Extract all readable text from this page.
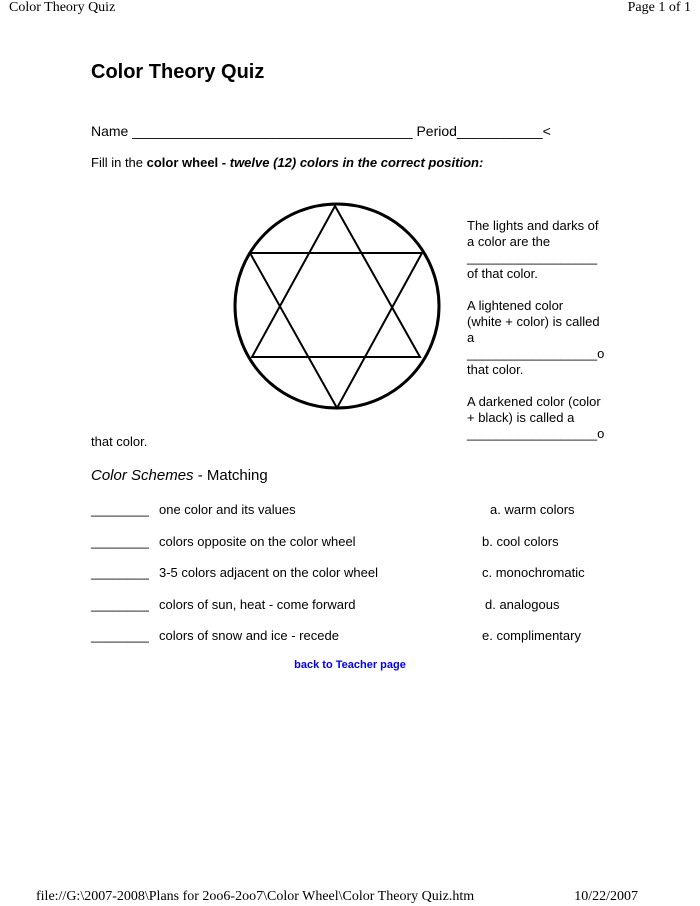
Color Theory Quiz	Page 1 of 1
Color Theory Quiz
Name ____________________________________ Period___________<
Fill in the color wheel - twelve (12) colors in the correct position:

The lights and darks of
a color are the
__________________
of that color.

A lightened color
(white + color) is called
a
__________________o
that color.

A darkened color (color
+ black) is called a
__________________o

that color.
Color Schemes - Matching
________ one color and its values	a. warm colors
________ colors opposite on the color wheel	b. cool colors
________ 3-5 colors adjacent on the color wheel	c. monochromatic
________ colors of sun, heat - come forward	d. analogous
________ colors of snow and ice - recede	e. complimentary
back to Teacher page
file://G:\2007-2008\Plans for 2oo6-2oo7\Color Wheel\Color Theory Quiz.htm	10/22/2007
